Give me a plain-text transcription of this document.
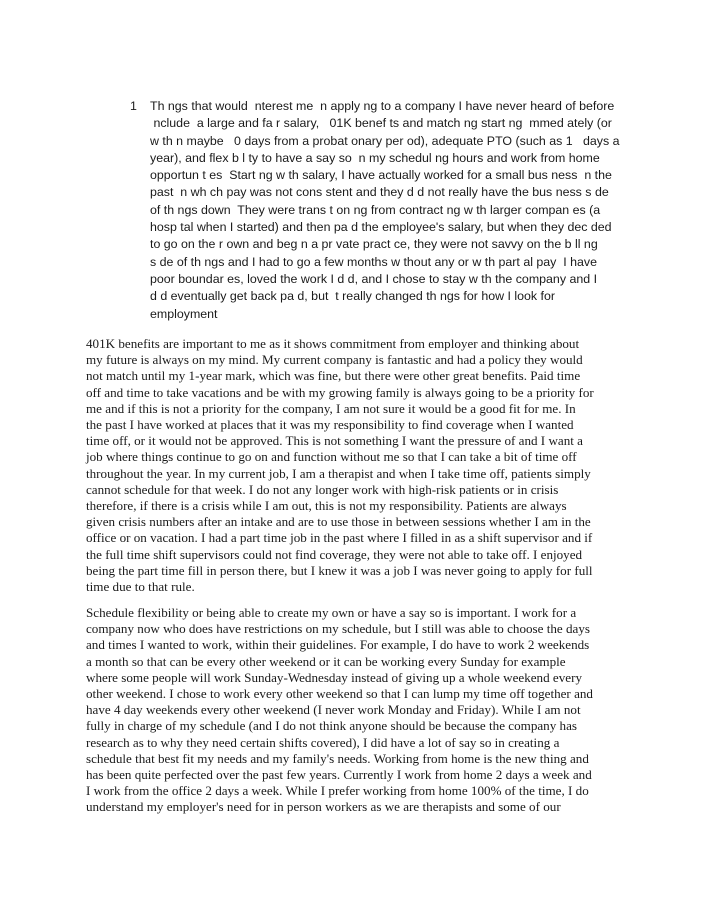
1 Th ngs that would  nterest me  n apply ng to a company I have never heard of before
nclude  a large and fa r salary,   01K benef ts and match ng start ng  mmed ately (or
w th n maybe   0 days from a probat onary per od), adequate PTO (such as 1   days a
year), and flex b l ty to have a say so  n my schedul ng hours and work from home
opportun t es  Start ng w th salary, I have actually worked for a small bus ness  n the
past  n wh ch pay was not cons stent and they d d not really have the bus ness s de
of th ngs down  They were trans t on ng from contract ng w th larger compan es (a
hosp tal when I started) and then pa d the employee's salary, but when they dec ded
to go on the r own and beg n a pr vate pract ce, they were not savvy on the b ll ng
s de of th ngs and I had to go a few months w thout any or w th part al pay  I have
poor boundar es, loved the work I d d, and I chose to stay w th the company and I
d d eventually get back pa d, but  t really changed th ngs for how I look for
employment
401K benefits are important to me as it shows commitment from employer and thinking about
my future is always on my mind. My current company is fantastic and had a policy they would
not match until my 1-year mark, which was fine, but there were other great benefits. Paid time
off and time to take vacations and be with my growing family is always going to be a priority for
me and if this is not a priority for the company, I am not sure it would be a good fit for me. In
the past I have worked at places that it was my responsibility to find coverage when I wanted
time off, or it would not be approved. This is not something I want the pressure of and I want a
job where things continue to go on and function without me so that I can take a bit of time off
throughout the year. In my current job, I am a therapist and when I take time off, patients simply
cannot schedule for that week. I do not any longer work with high-risk patients or in crisis
therefore, if there is a crisis while I am out, this is not my responsibility. Patients are always
given crisis numbers after an intake and are to use those in between sessions whether I am in the
office or on vacation. I had a part time job in the past where I filled in as a shift supervisor and if
the full time shift supervisors could not find coverage, they were not able to take off. I enjoyed
being the part time fill in person there, but I knew it was a job I was never going to apply for full
time due to that rule.
Schedule flexibility or being able to create my own or have a say so is important. I work for a
company now who does have restrictions on my schedule, but I still was able to choose the days
and times I wanted to work, within their guidelines. For example, I do have to work 2 weekends
a month so that can be every other weekend or it can be working every Sunday for example
where some people will work Sunday-Wednesday instead of giving up a whole weekend every
other weekend. I chose to work every other weekend so that I can lump my time off together and
have 4 day weekends every other weekend (I never work Monday and Friday). While I am not
fully in charge of my schedule (and I do not think anyone should be because the company has
research as to why they need certain shifts covered), I did have a lot of say so in creating a
schedule that best fit my needs and my family's needs. Working from home is the new thing and
has been quite perfected over the past few years. Currently I work from home 2 days a week and
I work from the office 2 days a week. While I prefer working from home 100% of the time, I do
understand my employer's need for in person workers as we are therapists and some of our
